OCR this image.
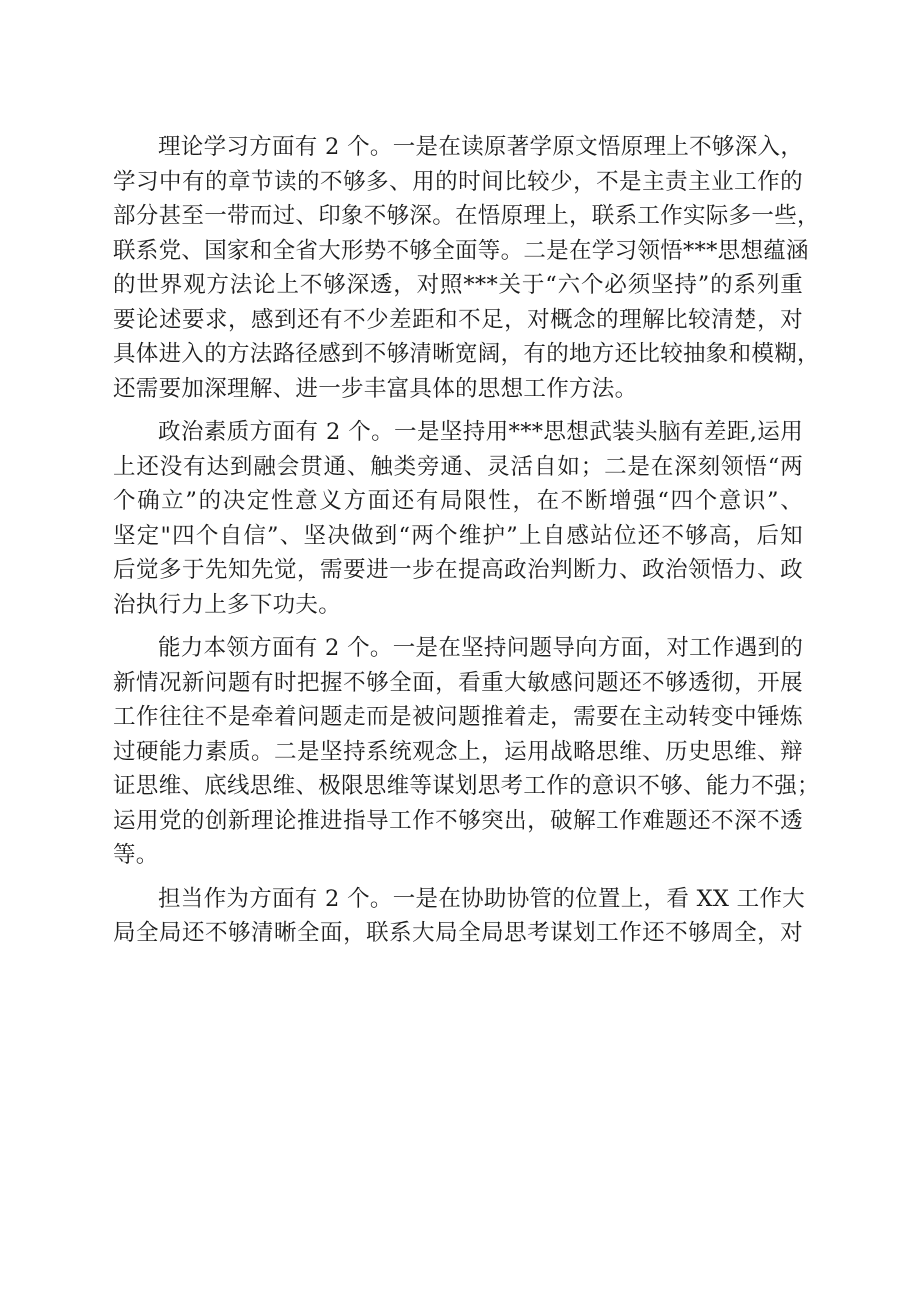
理论学习方面有 2 个。一是在读原著学原文悟原理上不够深入，
学习中有的章节读的不够多、用的时间比较少，不是主责主业工作的
部分甚至一带而过、印象不够深。在悟原理上，联系工作实际多一些，
联系党、国家和全省大形势不够全面等。二是在学习领悟***思想蕴涵
的世界观方法论上不够深透，对照***关于“六个必须坚持”的系列重
要论述要求，感到还有不少差距和不足，对概念的理解比较清楚，对
具体进入的方法路径感到不够清晰宽阔，有的地方还比较抽象和模糊，
还需要加深理解、进一步丰富具体的思想工作方法。
政治素质方面有 2 个。一是坚持用***思想武装头脑有差距,运用
上还没有达到融会贯通、触类旁通、灵活自如；二是在深刻领悟“两
个确立”的决定性意义方面还有局限性，在不断增强“四个意识”、
坚定"四个自信”、坚决做到“两个维护”上自感站位还不够高，后知
后觉多于先知先觉，需要进一步在提高政治判断力、政治领悟力、政
治执行力上多下功夫。
能力本领方面有 2 个。一是在坚持问题导向方面，对工作遇到的
新情况新问题有时把握不够全面，看重大敏感问题还不够透彻，开展
工作往往不是牵着问题走而是被问题推着走，需要在主动转变中锤炼
过硬能力素质。二是坚持系统观念上，运用战略思维、历史思维、辩
证思维、底线思维、极限思维等谋划思考工作的意识不够、能力不强；
运用党的创新理论推进指导工作不够突出，破解工作难题还不深不透
等。
担当作为方面有 2 个。一是在协助协管的位置上，看 XX 工作大
局全局还不够清晰全面，联系大局全局思考谋划工作还不够周全，对
